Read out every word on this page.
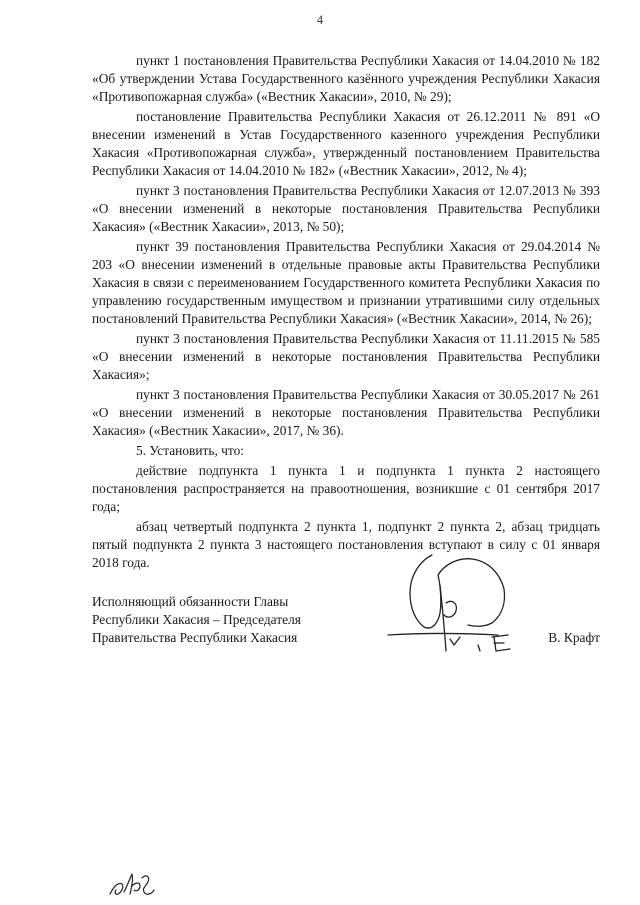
4

пункт 1 постановления Правительства Республики Хакасия от 14.04.2010 № 182 «Об утверждении Устава Государственного казённого учреждения Республики Хакасия «Противопожарная служба» («Вестник Хакасии», 2010, № 29);

постановление Правительства Республики Хакасия от 26.12.2011 № 891 «О внесении изменений в Устав Государственного казенного учреждения Республики Хакасия «Противопожарная служба», утвержденный постановлением Правительства Республики Хакасия от 14.04.2010 № 182» («Вестник Хакасии», 2012, № 4);

пункт 3 постановления Правительства Республики Хакасия от 12.07.2013 № 393 «О внесении изменений в некоторые постановления Правительства Республики Хакасия» («Вестник Хакасии», 2013, № 50);

пункт 39 постановления Правительства Республики Хакасия от 29.04.2014 № 203 «О внесении изменений в отдельные правовые акты Правительства Республики Хакасия в связи с переименованием Государственного комитета Республики Хакасия по управлению государственным имуществом и признании утратившими силу отдельных постановлений Правительства Республики Хакасия» («Вестник Хакасии», 2014, № 26);

пункт 3 постановления Правительства Республики Хакасия от 11.11.2015 № 585 «О внесении изменений в некоторые постановления Правительства Республики Хакасия»;

пункт 3 постановления Правительства Республики Хакасия от 30.05.2017 № 261 «О внесении изменений в некоторые постановления Правительства Республики Хакасия» («Вестник Хакасии», 2017, № 36).

5. Установить, что:

действие подпункта 1 пункта 1 и подпункта 1 пункта 2 настоящего постановления распространяется на правоотношения, возникшие с 01 сентября 2017 года;

абзац четвертый подпункта 2 пункта 1, подпункт 2 пункта 2, абзац тридцать пятый подпункта 2 пункта 3 настоящего постановления вступают в силу с 01 января 2018 года.

Исполняющий обязанности Главы
Республики Хакасия – Председателя
Правительства Республики Хакасия	В. Крафт
